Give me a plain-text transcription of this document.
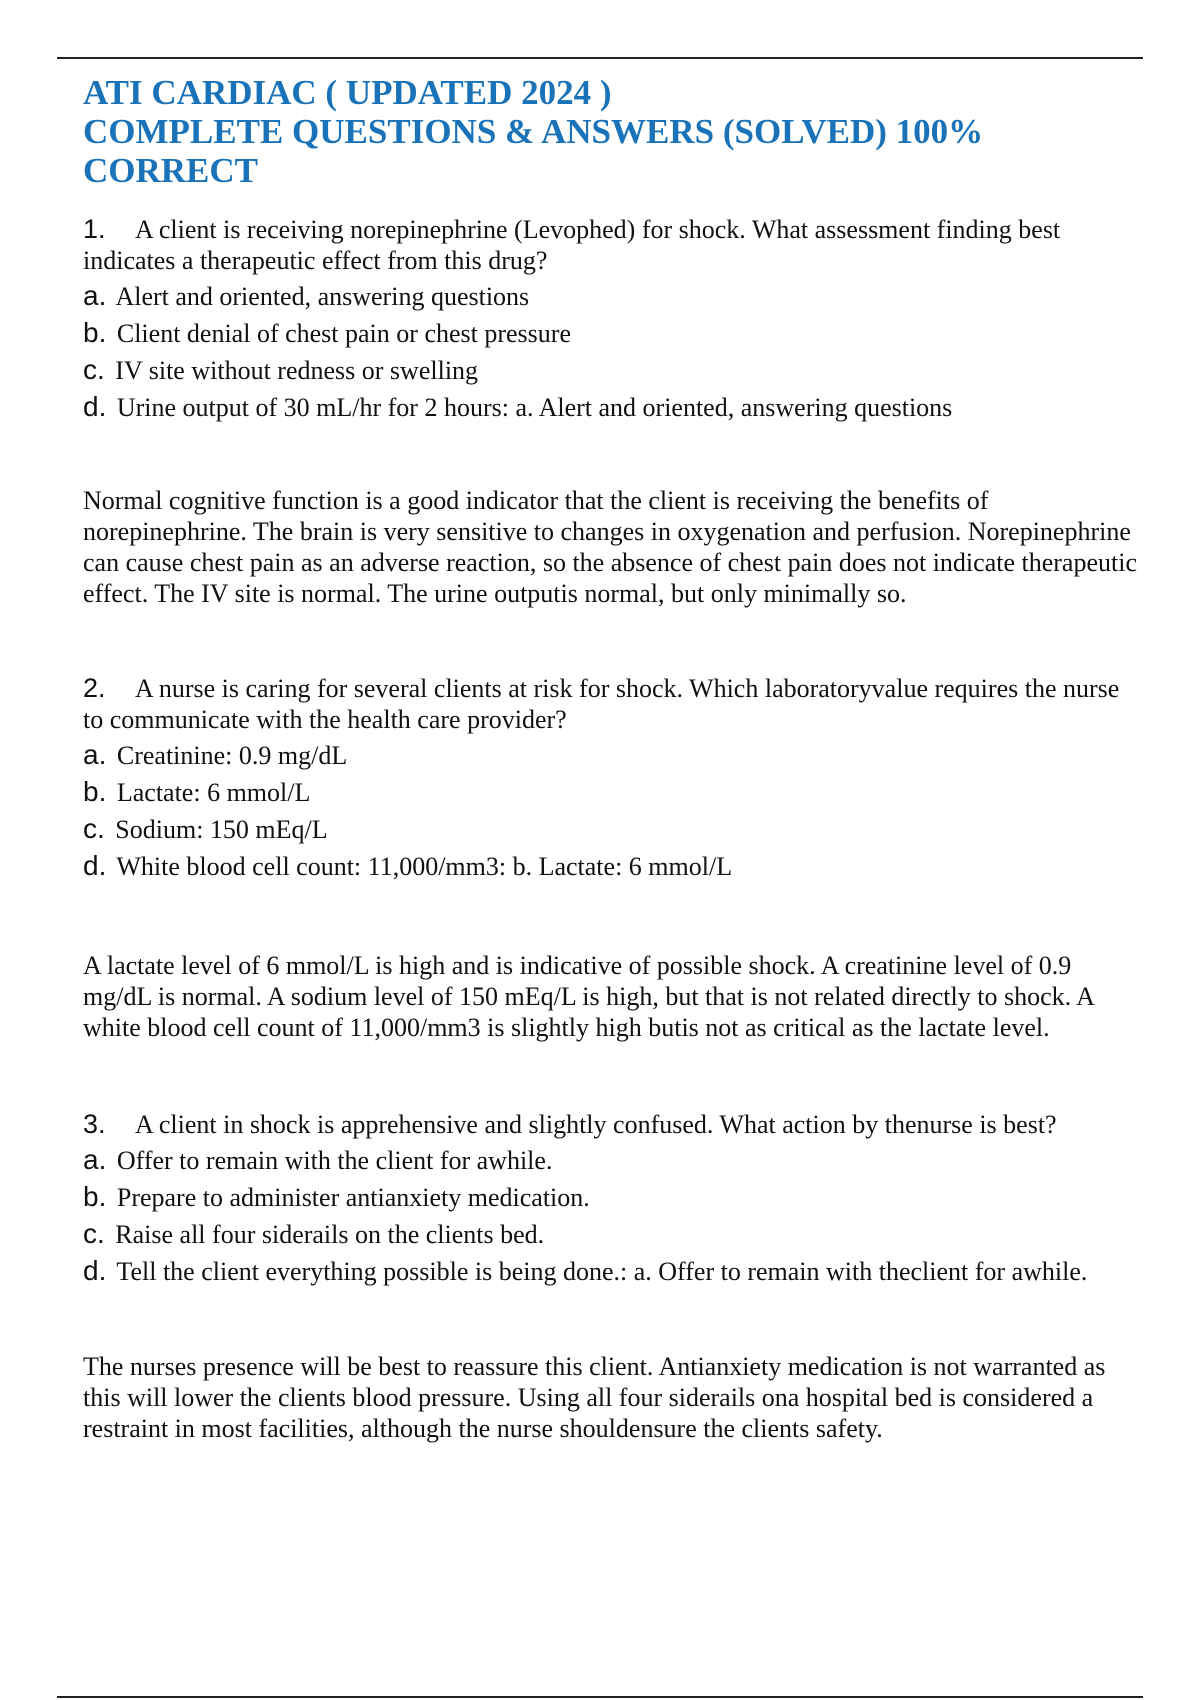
ATI CARDIAC ( UPDATED 2024 )
COMPLETE QUESTIONS & ANSWERS (SOLVED) 100%
CORRECT

1. A client is receiving norepinephrine (Levophed) for shock. What assessment finding best indicates a therapeutic effect from this drug?

a. Alert and oriented, answering questions
b. Client denial of chest pain or chest pressure
c. IV site without redness or swelling
d. Urine output of 30 mL/hr for 2 hours: a. Alert and oriented, answering questions

Normal cognitive function is a good indicator that the client is receiving the benefits of norepinephrine. The brain is very sensitive to changes in oxygenation and perfusion. Norepinephrine can cause chest pain as an adverse reaction, so the absence of chest pain does not indicate therapeutic effect. The IV site is normal. The urine outputis normal, but only minimally so.

2. A nurse is caring for several clients at risk for shock. Which laboratoryvalue requires the nurse to communicate with the health care provider?

a. Creatinine: 0.9 mg/dL
b. Lactate: 6 mmol/L
c. Sodium: 150 mEq/L
d. White blood cell count: 11,000/mm3: b. Lactate: 6 mmol/L

A lactate level of 6 mmol/L is high and is indicative of possible shock. A creatinine level of 0.9 mg/dL is normal. A sodium level of 150 mEq/L is high, but that is not related directly to shock. A white blood cell count of 11,000/mm3 is slightly high butis not as critical as the lactate level.

3. A client in shock is apprehensive and slightly confused. What action by thenurse is best?

a. Offer to remain with the client for awhile.
b. Prepare to administer antianxiety medication.
c. Raise all four siderails on the clients bed.
d. Tell the client everything possible is being done.: a. Offer to remain with theclient for awhile.

The nurses presence will be best to reassure this client. Antianxiety medication is not warranted as this will lower the clients blood pressure. Using all four siderails ona hospital bed is considered a restraint in most facilities, although the nurse shouldensure the clients safety.
